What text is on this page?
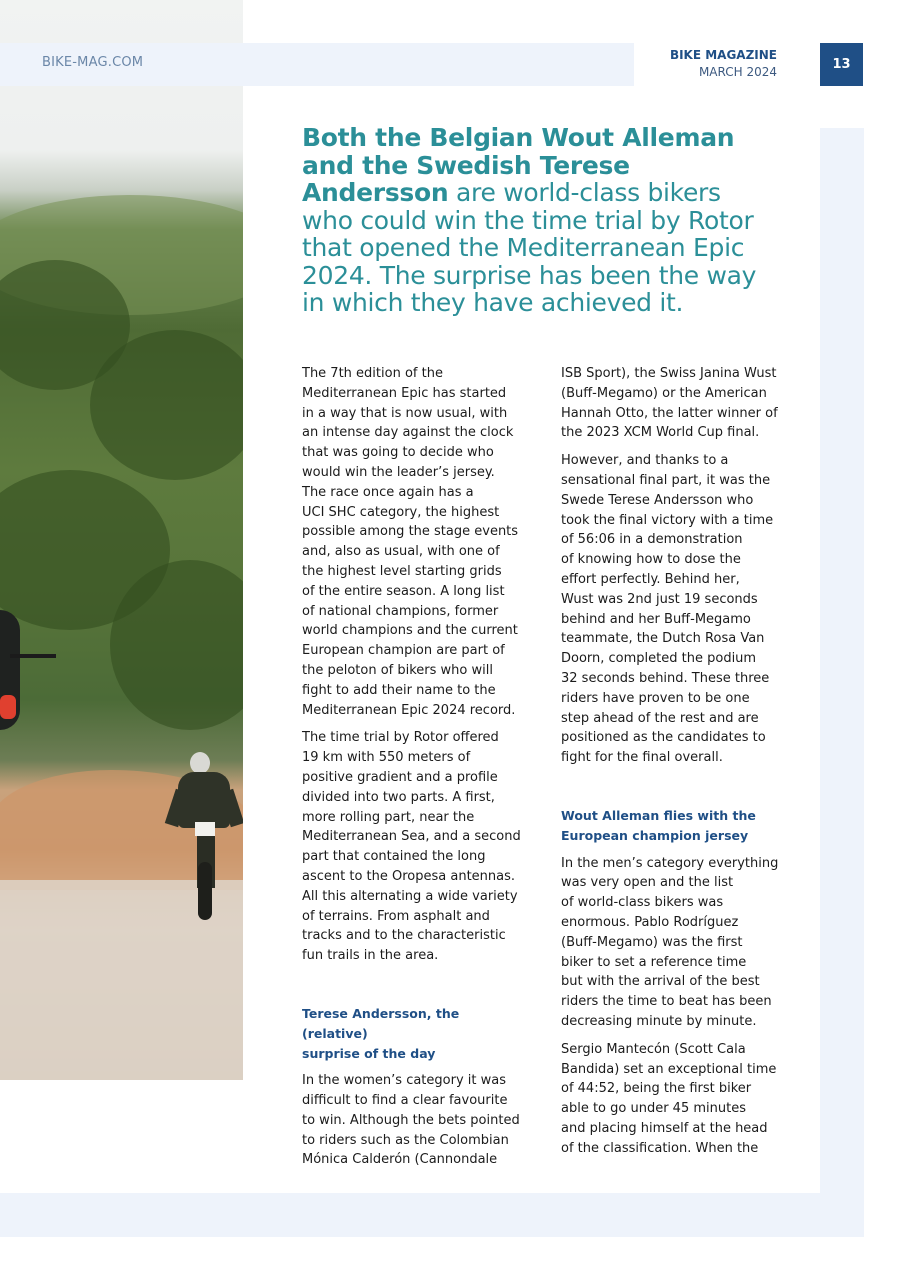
BIKE-MAG.COM	BIKE MAGAZINE
MARCH 2024	13
Both the Belgian Wout Alleman and the Swedish Terese Andersson are world-class bikers who could win the time trial by Rotor that opened the Mediterranean Epic 2024. The surprise has been the way in which they have achieved it.

The 7th edition of the
Mediterranean Epic has started
in a way that is now usual, with
an intense day against the clock
that was going to decide who
would win the leader’s jersey.
The race once again has a
UCI SHC category, the highest
possible among the stage events
and, also as usual, with one of
the highest level starting grids
of the entire season. A long list
of national champions, former
world champions and the current
European champion are part of
the peloton of bikers who will
fight to add their name to the
Mediterranean Epic 2024 record.

The time trial by Rotor offered
19 km with 550 meters of
positive gradient and a profile
divided into two parts. A first,
more rolling part, near the
Mediterranean Sea, and a second
part that contained the long
ascent to the Oropesa antennas.
All this alternating a wide variety
of terrains. From asphalt and
tracks and to the characteristic
fun trails in the area.

Terese Andersson, the (relative)
surprise of the day

In the women’s category it was
difficult to find a clear favourite
to win. Although the bets pointed
to riders such as the Colombian
Mónica Calderón (Cannondale

ISB Sport), the Swiss Janina Wust
(Buff-Megamo) or the American
Hannah Otto, the latter winner of
the 2023 XCM World Cup final.

However, and thanks to a
sensational final part, it was the
Swede Terese Andersson who
took the final victory with a time
of 56:06 in a demonstration
of knowing how to dose the
effort perfectly. Behind her,
Wust was 2nd just 19 seconds
behind and her Buff-Megamo
teammate, the Dutch Rosa Van
Doorn, completed the podium
32 seconds behind. These three
riders have proven to be one
step ahead of the rest and are
positioned as the candidates to
fight for the final overall.

Wout Alleman flies with the
European champion jersey

In the men’s category everything
was very open and the list
of world-class bikers was
enormous. Pablo Rodríguez
(Buff-Megamo) was the first
biker to set a reference time
but with the arrival of the best
riders the time to beat has been
decreasing minute by minute.

Sergio Mantecón (Scott Cala
Bandida) set an exceptional time
of 44:52, being the first biker
able to go under 45 minutes
and placing himself at the head
of the classification. When the
